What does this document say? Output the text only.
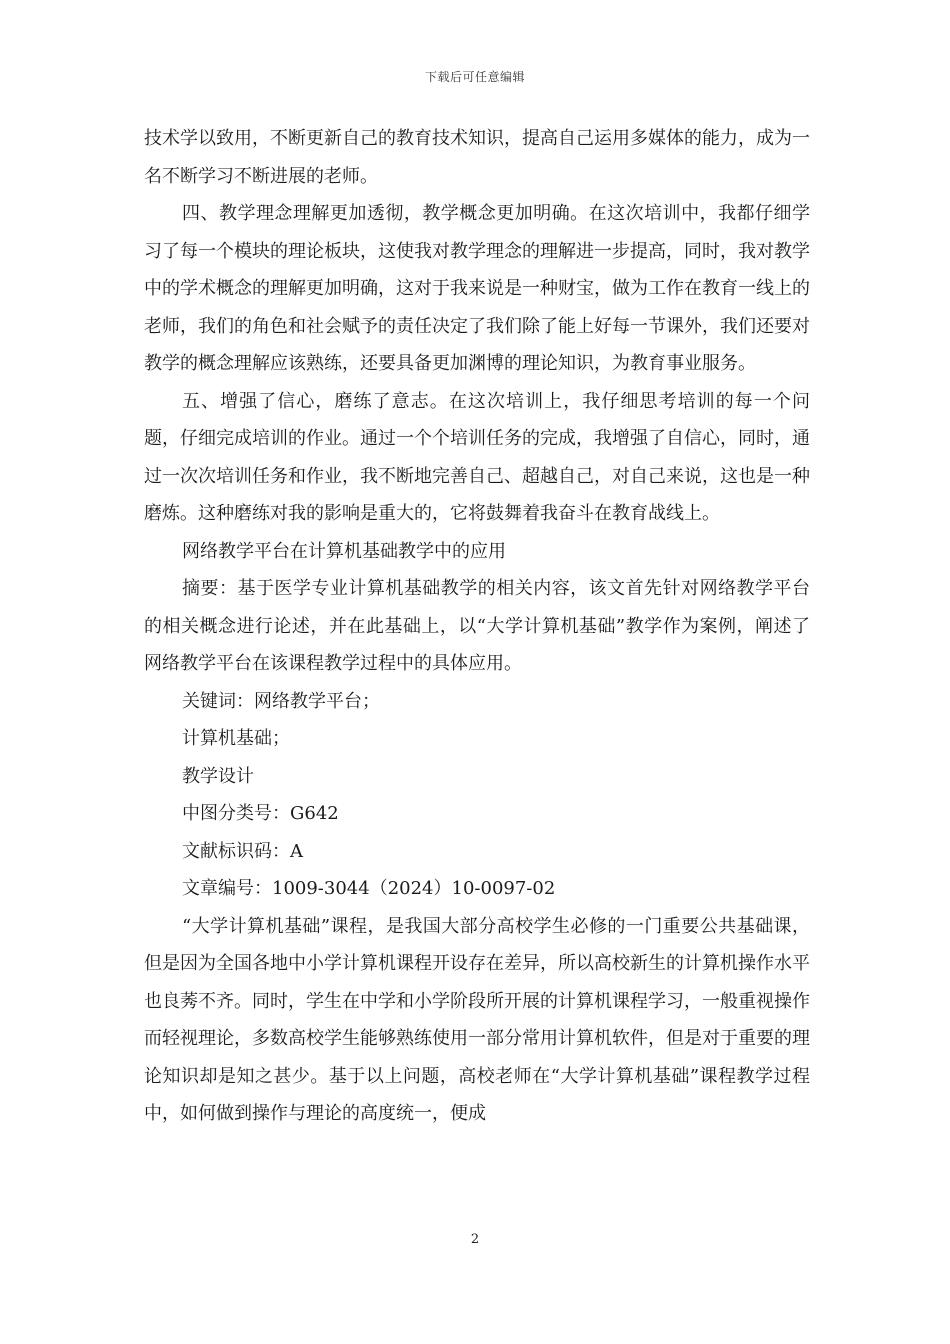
下载后可任意编辑

技术学以致用，不断更新自己的教育技术知识，提高自己运用多媒体的能力，成为一名不断学习不断进展的老师。

四、教学理念理解更加透彻，教学概念更加明确。在这次培训中，我都仔细学习了每一个模块的理论板块，这使我对教学理念的理解进一步提高，同时，我对教学中的学术概念的理解更加明确，这对于我来说是一种财宝，做为工作在教育一线上的老师，我们的角色和社会赋予的责任决定了我们除了能上好每一节课外，我们还要对教学的概念理解应该熟练，还要具备更加渊博的理论知识，为教育事业服务。

五、增强了信心，磨练了意志。在这次培训上，我仔细思考培训的每一个问题，仔细完成培训的作业。通过一个个培训任务的完成，我增强了自信心，同时，通过一次次培训任务和作业，我不断地完善自己、超越自己，对自己来说，这也是一种磨炼。这种磨练对我的影响是重大的，它将鼓舞着我奋斗在教育战线上。

网络教学平台在计算机基础教学中的应用

摘要：基于医学专业计算机基础教学的相关内容，该文首先针对网络教学平台的相关概念进行论述，并在此基础上，以“大学计算机基础”教学作为案例，阐述了网络教学平台在该课程教学过程中的具体应用。

关键词：网络教学平台；

计算机基础；

教学设计

中图分类号：G642

文献标识码：A

文章编号：1009-3044（2024）10-0097-02

“大学计算机基础”课程，是我国大部分高校学生必修的一门重要公共基础课，但是因为全国各地中小学计算机课程开设存在差异，所以高校新生的计算机操作水平也良莠不齐。同时，学生在中学和小学阶段所开展的计算机课程学习，一般重视操作而轻视理论，多数高校学生能够熟练使用一部分常用计算机软件，但是对于重要的理论知识却是知之甚少。基于以上问题，高校老师在“大学计算机基础”课程教学过程中，如何做到操作与理论的高度统一，便成

2
